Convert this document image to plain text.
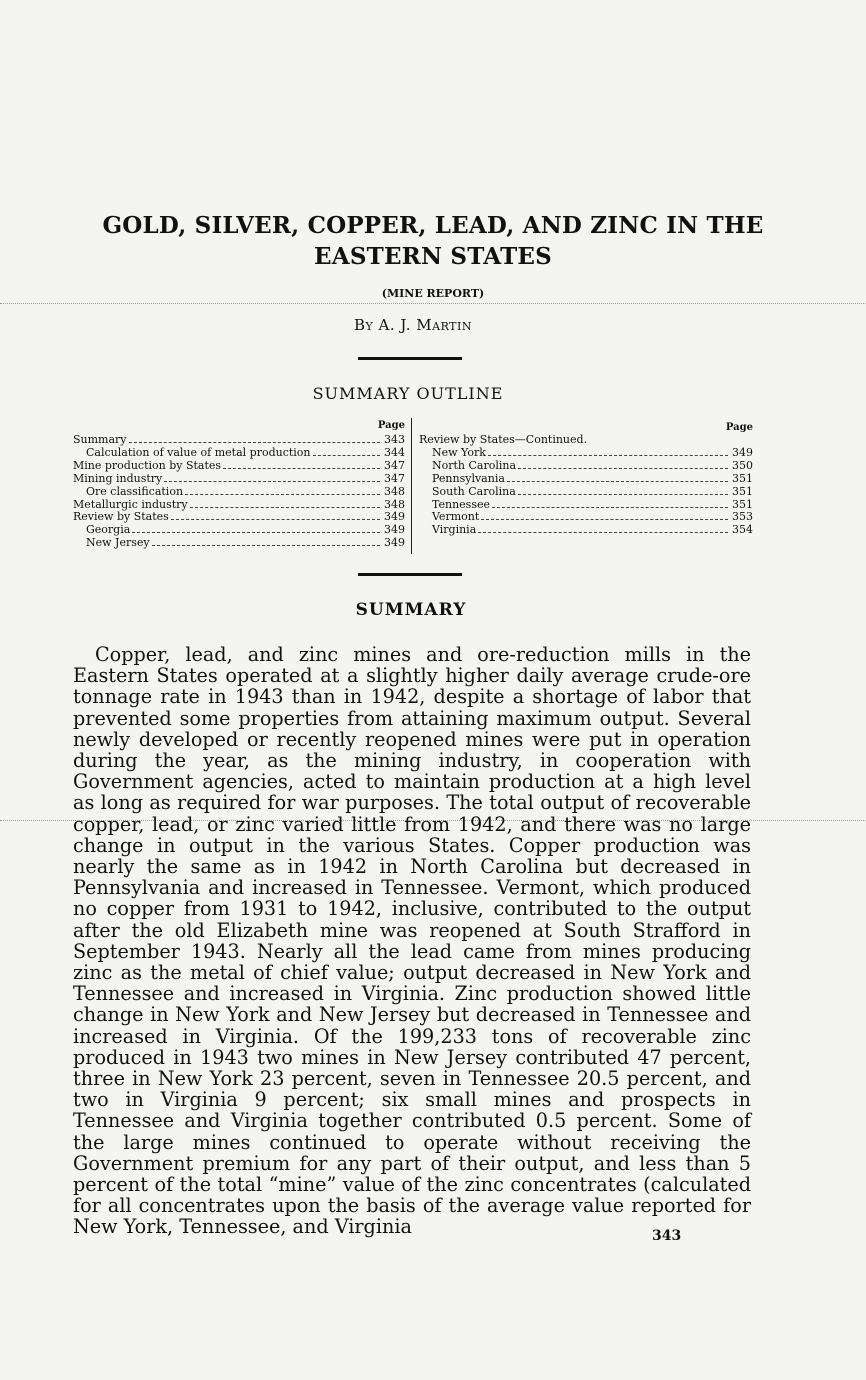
GOLD, SILVER, COPPER, LEAD, AND ZINC IN THE EASTERN STATES
(MINE REPORT)
By A. J. Martin
SUMMARY OUTLINE
Page
Summary	343
Calculation of value of metal production	344
Mine production by States	347
Mining industry	347
Ore classification	348
Metallurgic industry	348
Review by States	349
Georgia	349
New Jersey	349
Page
Review by States—Continued.
New York	349
North Carolina	350
Pennsylvania	351
South Carolina	351
Tennessee	351
Vermont	353
Virginia	354
SUMMARY
Copper, lead, and zinc mines and ore-reduction mills in the Eastern States operated at a slightly higher daily average crude-ore tonnage rate in 1943 than in 1942, despite a shortage of labor that prevented some properties from attaining maximum output. Several newly developed or recently reopened mines were put in operation during the year, as the mining industry, in cooperation with Government agencies, acted to maintain production at a high level as long as required for war purposes. The total output of recoverable copper, lead, or zinc varied little from 1942, and there was no large change in output in the various States. Copper production was nearly the same as in 1942 in North Carolina but decreased in Pennsylvania and increased in Tennessee. Vermont, which produced no copper from 1931 to 1942, inclusive, contributed to the output after the old Elizabeth mine was reopened at South Strafford in September 1943. Nearly all the lead came from mines producing zinc as the metal of chief value; output decreased in New York and Tennessee and increased in Virginia. Zinc production showed little change in New York and New Jersey but decreased in Tennessee and increased in Virginia. Of the 199,233 tons of recoverable zinc produced in 1943 two mines in New Jersey contributed 47 percent, three in New York 23 percent, seven in Tennessee 20.5 percent, and two in Virginia 9 percent; six small mines and prospects in Tennessee and Virginia together contributed 0.5 percent. Some of the large mines continued to operate without receiving the Government premium for any part of their output, and less than 5 percent of the total “mine” value of the zinc concentrates (calculated for all concentrates upon the basis of the average value reported for New York, Tennessee, and Virginia	343
